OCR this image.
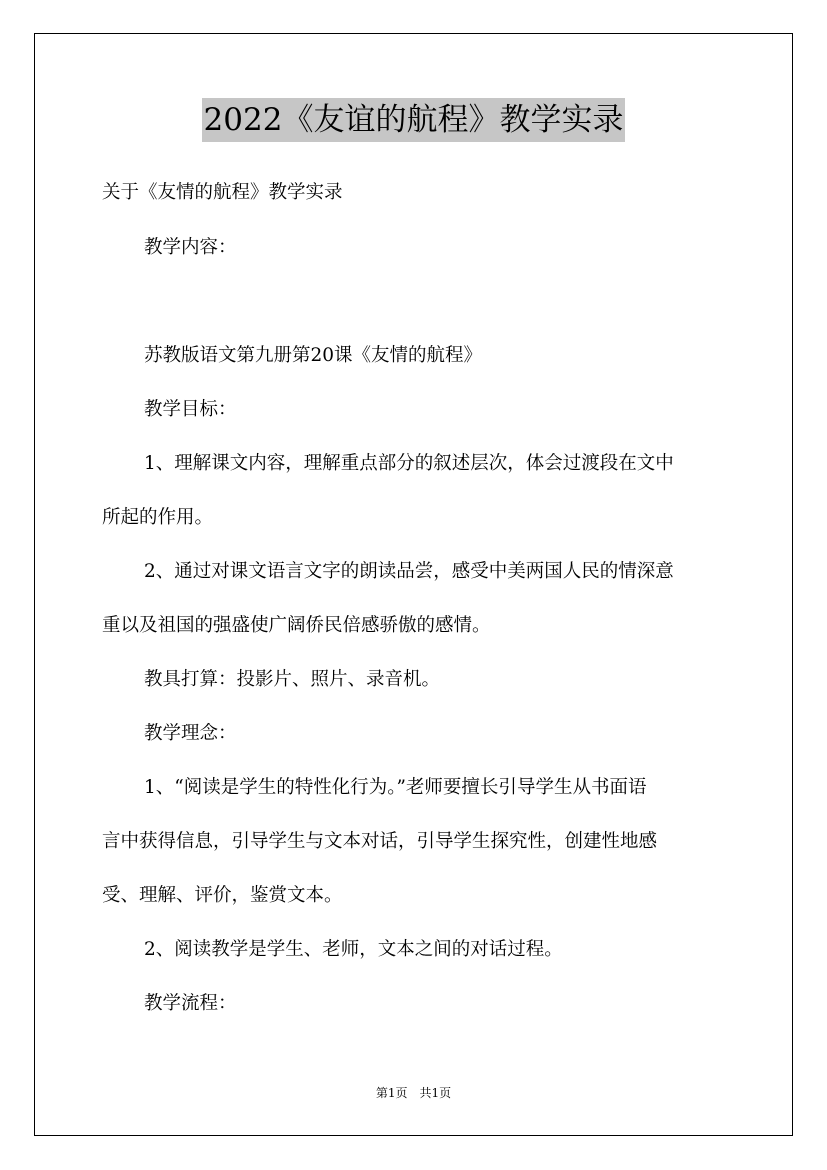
2022《友谊的航程》教学实录

关于《友情的航程》教学实录

教学内容：

苏教版语文第九册第20课《友情的航程》

教学目标：

1、理解课文内容，理解重点部分的叙述层次，体会过渡段在文中

所起的作用。

2、通过对课文语言文字的朗读品尝，感受中美两国人民的情深意

重以及祖国的强盛使广阔侨民倍感骄傲的感情。

教具打算：投影片、照片、录音机。

教学理念：

1、“阅读是学生的特性化行为。”老师要擅长引导学生从书面语

言中获得信息，引导学生与文本对话，引导学生探究性，创建性地感

受、理解、评价，鉴赏文本。

2、阅读教学是学生、老师，文本之间的对话过程。

教学流程：

第1页 共1页
